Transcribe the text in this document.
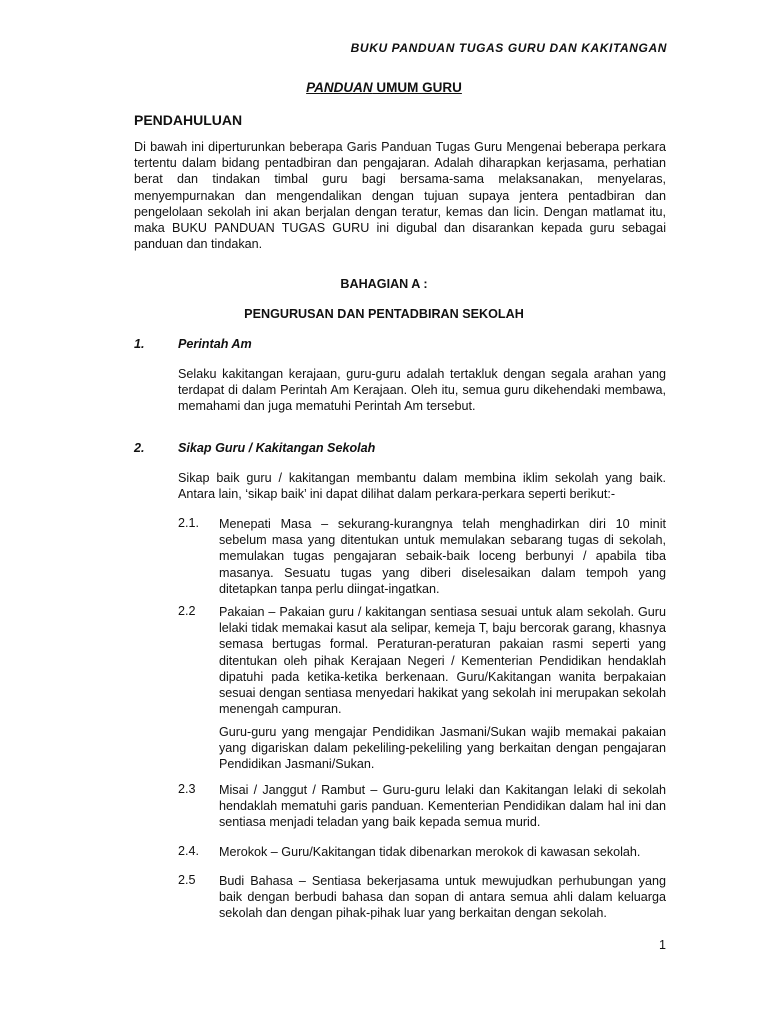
BUKU PANDUAN TUGAS GURU DAN KAKITANGAN
PANDUAN UMUM GURU
PENDAHULUAN
Di bawah ini diperturunkan beberapa Garis Panduan Tugas Guru Mengenai beberapa perkara tertentu dalam bidang pentadbiran dan pengajaran. Adalah diharapkan kerjasama, perhatian berat dan tindakan timbal guru bagi bersama-sama melaksanakan, menyelaras, menyempurnakan dan mengendalikan dengan tujuan supaya jentera pentadbiran dan pengelolaan sekolah ini akan berjalan dengan teratur, kemas dan licin. Dengan matlamat itu, maka BUKU PANDUAN TUGAS GURU ini digubal dan disarankan kepada guru sebagai panduan dan tindakan.
BAHAGIAN A :
PENGURUSAN DAN PENTADBIRAN SEKOLAH
1.	Perintah Am
Selaku kakitangan kerajaan, guru-guru adalah tertakluk dengan segala arahan yang terdapat di dalam Perintah Am Kerajaan. Oleh itu, semua guru dikehendaki membawa, memahami dan juga mematuhi Perintah Am tersebut.
2.	Sikap Guru / Kakitangan Sekolah
Sikap baik guru / kakitangan membantu dalam membina iklim sekolah yang baik. Antara lain, ‘sikap baik’ ini dapat dilihat dalam perkara-perkara seperti berikut:-
2.1. Menepati Masa – sekurang-kurangnya telah menghadirkan diri 10 minit sebelum masa yang ditentukan untuk memulakan sebarang tugas di sekolah, memulakan tugas pengajaran sebaik-baik loceng berbunyi / apabila tiba masanya. Sesuatu tugas yang diberi diselesaikan dalam tempoh yang ditetapkan tanpa perlu diingat-ingatkan.
2.2 Pakaian – Pakaian guru / kakitangan sentiasa sesuai untuk alam sekolah. Guru lelaki tidak memakai kasut ala selipar, kemeja T, baju bercorak garang, khasnya semasa bertugas formal. Peraturan-peraturan pakaian rasmi seperti yang ditentukan oleh pihak Kerajaan Negeri / Kementerian Pendidikan hendaklah dipatuhi pada ketika-ketika berkenaan. Guru/Kakitangan wanita berpakaian sesuai dengan sentiasa menyedari hakikat yang sekolah ini merupakan sekolah menengah campuran.
Guru-guru yang mengajar Pendidikan Jasmani/Sukan wajib memakai pakaian yang digariskan dalam pekeliling-pekeliling yang berkaitan dengan pengajaran Pendidikan Jasmani/Sukan.
2.3 Misai / Janggut / Rambut – Guru-guru lelaki dan Kakitangan lelaki di sekolah hendaklah mematuhi garis panduan. Kementerian Pendidikan dalam hal ini dan sentiasa menjadi teladan yang baik kepada semua murid.
2.4. Merokok – Guru/Kakitangan tidak dibenarkan merokok di kawasan sekolah.
2.5 Budi Bahasa – Sentiasa bekerjasama untuk mewujudkan perhubungan yang baik dengan berbudi bahasa dan sopan di antara semua ahli dalam keluarga sekolah dan dengan pihak-pihak luar yang berkaitan dengan sekolah.
1
